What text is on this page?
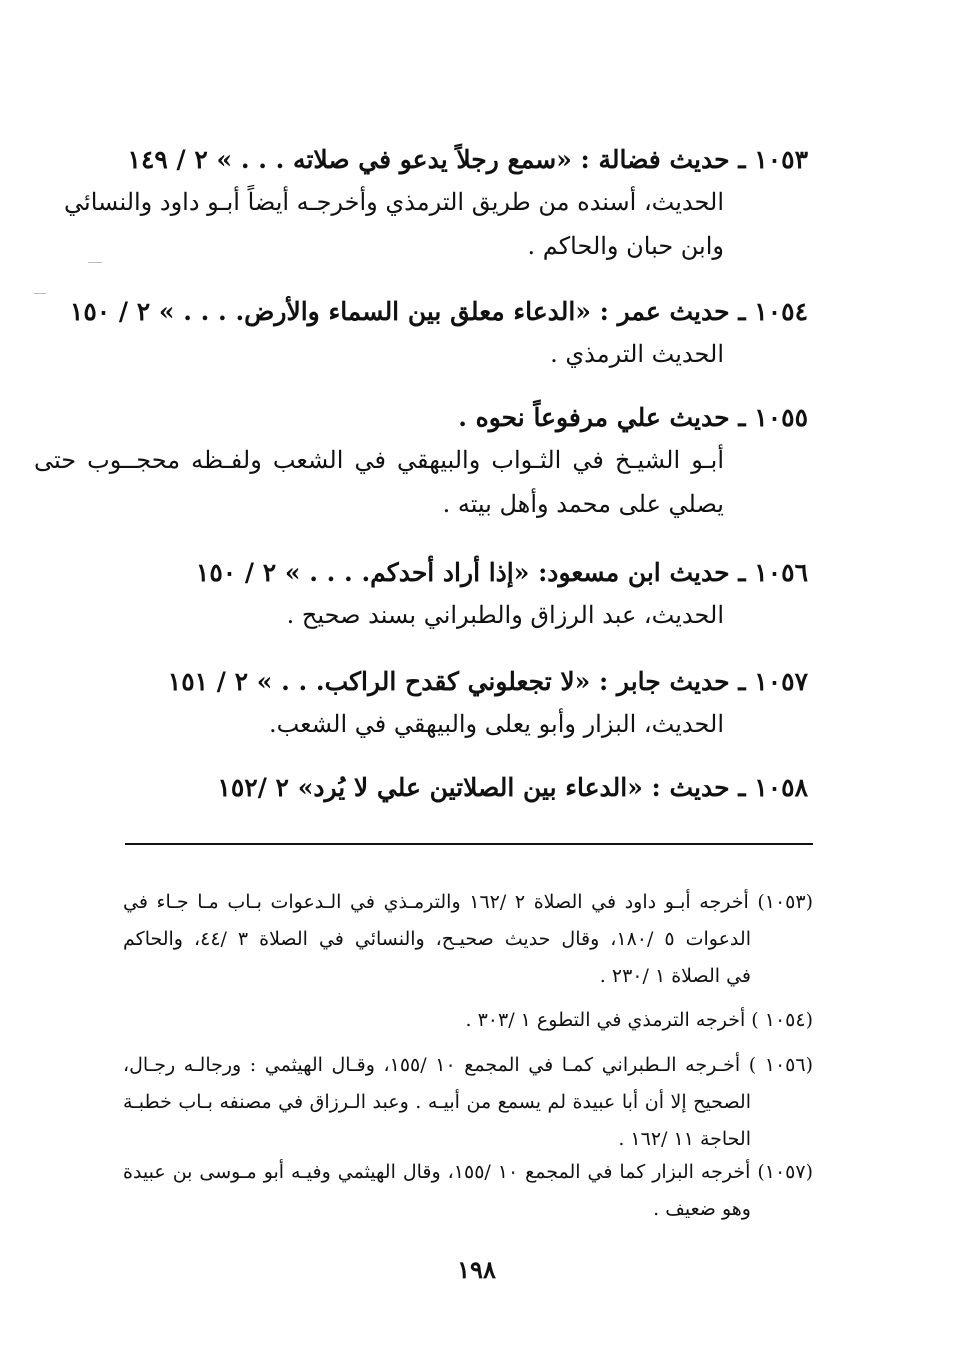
١٠٥٣ ـ حديث فضالة : «سمع رجلاً يدعو في صلاته . . . » ٢ / ١٤٩
الحديث، أسنده من طريق الترمذي وأخرجـه أيضاً أبـو داود والنسائي
وابن حبان والحاكم .
١٠٥٤ ـ حديث عمر : «الدعاء معلق بين السماء والأرض. . . . » ٢ / ١٥٠
الحديث الترمذي .
١٠٥٥ ـ حديث علي مرفوعاً نحوه .
أبـو الشيـخ في الثـواب والبيهقي في الشعب ولفـظه محجــوب حتى
يصلي على محمد وأهل بيته .
١٠٥٦ ـ حديث ابن مسعود: «إذا أراد أحدكم. . . . » ٢ / ١٥٠
الحديث، عبد الرزاق والطبراني بسند صحيح .
١٠٥٧ ـ حديث جابر : «لا تجعلوني كقدح الراكب. . . » ٢ / ١٥١
الحديث، البزار وأبو يعلى والبيهقي في الشعب.
١٠٥٨ ـ حديث : «الدعاء بين الصلاتين علي لا يُرد» ٢ /١٥٢
(١٠٥٣) أخرجه أبـو داود في الصلاة ٢ /١٦٢ والترمـذي في الـدعوات بـاب مـا جـاء في
الدعوات ٥ /١٨٠، وقال حديث صحيـح، والنسائي في الصلاة ٣ /٤٤، والحاكم
في الصلاة ١ /٢٣٠ .
(١٠٥٤ ) أخرجه الترمذي في التطوع ١ /٣٠٣ .
(١٠٥٦ ) أخـرجه الـطبراني كمـا في المجمع ١٠ /١٥٥، وقـال الهيثمي : ورجالـه رجـال،
الصحيح إلا أن أبا عبيدة لم يسمع من أبيـه . وعبد الـرزاق في مصنفه بـاب خطبـة
الحاجة ١١ /١٦٢ .
(١٠٥٧) أخرجه البزار كما في المجمع ١٠ /١٥٥، وقال الهيثمي وفيـه أبو مـوسى بن عبيدة
وهو ضعيف .
١٩٨
